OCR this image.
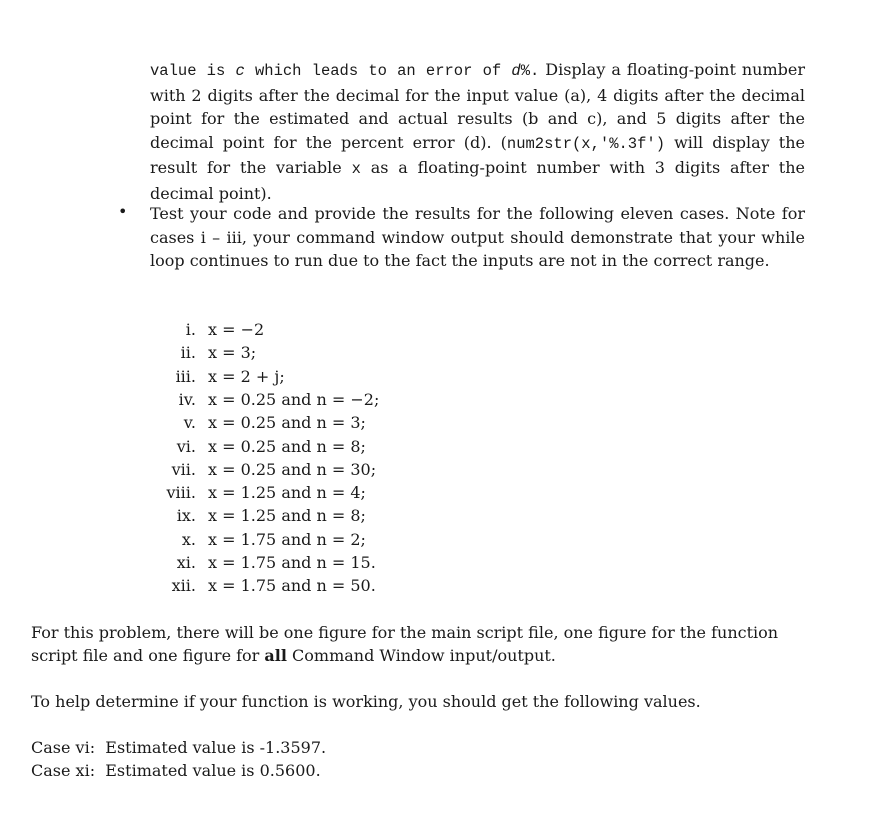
value is c which leads to an error of d%. Display a floating-point number with 2 digits after the decimal for the input value (a), 4 digits after the decimal point for the estimated and actual results (b and c), and 5 digits after the decimal point for the percent error (d). (num2str(x,'%.3f') will display the result for the variable x as a floating-point number with 3 digits after the decimal point).
• Test your code and provide the results for the following eleven cases. Note for cases i – iii, your command window output should demonstrate that your while loop continues to run due to the fact the inputs are not in the correct range.
i. x = −2
ii. x = 3;
iii. x = 2 + j;
iv. x = 0.25 and n = −2;
v. x = 0.25 and n = 3;
vi. x = 0.25 and n = 8;
vii. x = 0.25 and n = 30;
viii. x = 1.25 and n = 4;
ix. x = 1.25 and n = 8;
x. x = 1.75 and n = 2;
xi. x = 1.75 and n = 15.
xii. x = 1.75 and n = 50.
For this problem, there will be one figure for the main script file, one figure for the function script file and one figure for all Command Window input/output.
To help determine if your function is working, you should get the following values.
Case vi:  Estimated value is -1.3597.
Case xi:  Estimated value is 0.5600.
